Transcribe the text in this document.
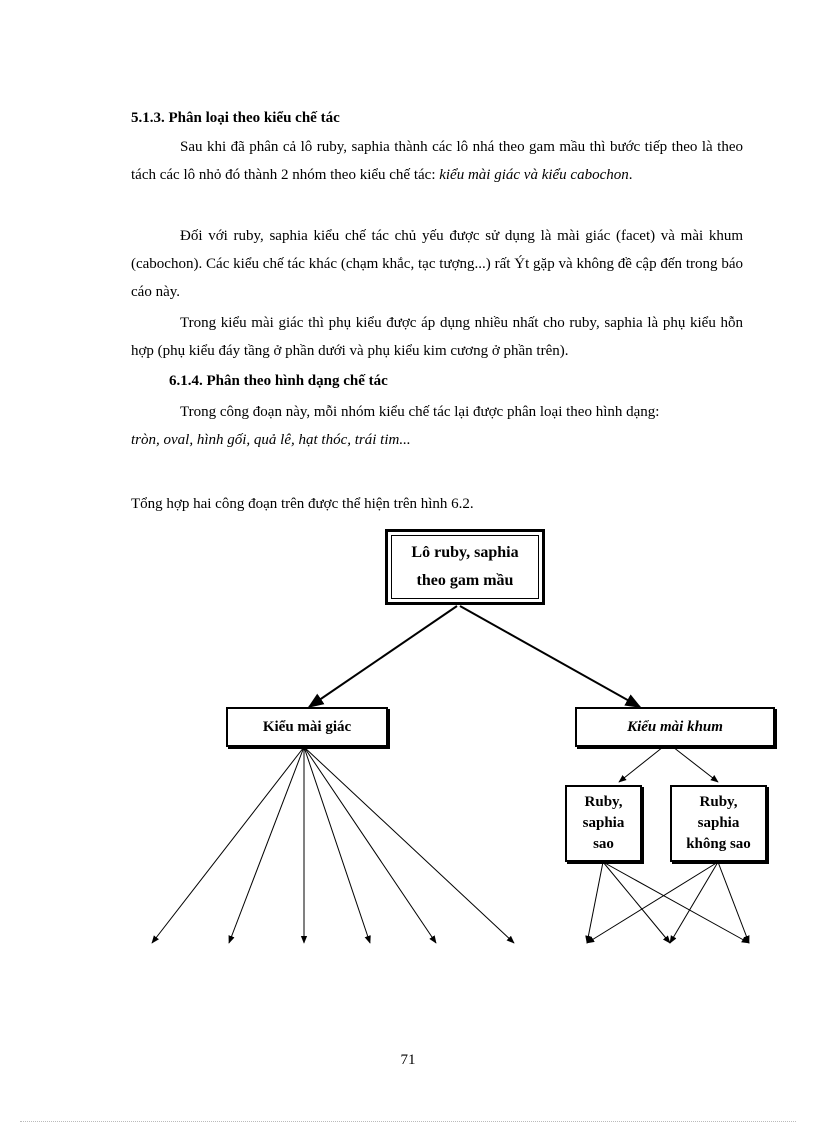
5.1.3. Phân loại theo kiểu chế tác

Sau khi đã phân cả lô ruby, saphia thành các lô nhá theo gam mầu thì bước tiếp theo là theo tách các lô nhỏ đó thành 2 nhóm theo kiểu chế tác: kiểu mài giác và kiểu cabochon.

Đối với ruby, saphia kiểu chế tác chủ yếu được sử dụng là mài giác (facet) và mài khum (cabochon). Các kiểu chế tác khác (chạm khắc, tạc tượng...) rất Ýt gặp và không đề cập đến trong báo cáo này.

Trong kiểu mài giác thì phụ kiểu được áp dụng nhiều nhất cho ruby, saphia là phụ kiểu hỗn hợp (phụ kiểu đáy tầng ở phần dưới và phụ kiểu kim cương ở phần trên).

6.1.4. Phân theo hình dạng chế tác

Trong công đoạn này, mỗi nhóm kiểu chế tác lại được phân loại theo hình dạng:
tròn, oval, hình gối, quả lê, hạt thóc, trái tim...

Tổng hợp hai công đoạn trên được thể hiện trên hình 6.2.

Lô ruby, saphia
theo gam mầu
Kiểu mài giác	Kiểu mài khum
Ruby,
saphia
sao
Ruby,
saphia
không sao
71
